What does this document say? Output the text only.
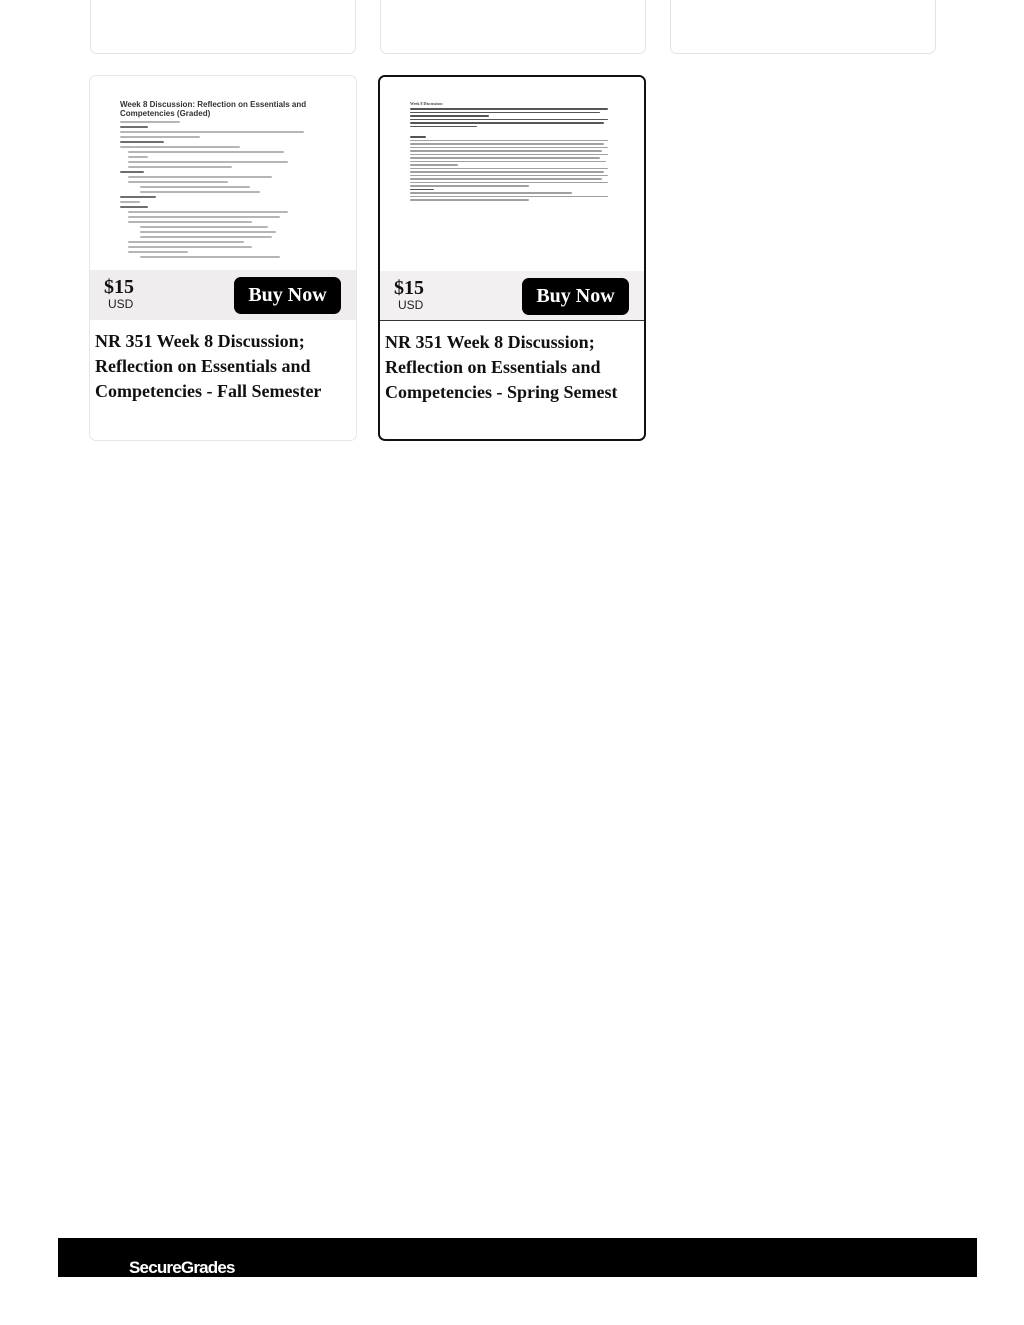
Week 8 Discussion: Reflection on Essentials and Competencies (Graded)
$15
USD	Buy Now
NR 351 Week 8 Discussion; Reflection on Essentials and Competencies - Fall Semester
Week 8 Discussion:
$15
USD	Buy Now
NR 351 Week 8 Discussion; Reflection on Essentials and Competencies - Spring Semest
SecureGrades
